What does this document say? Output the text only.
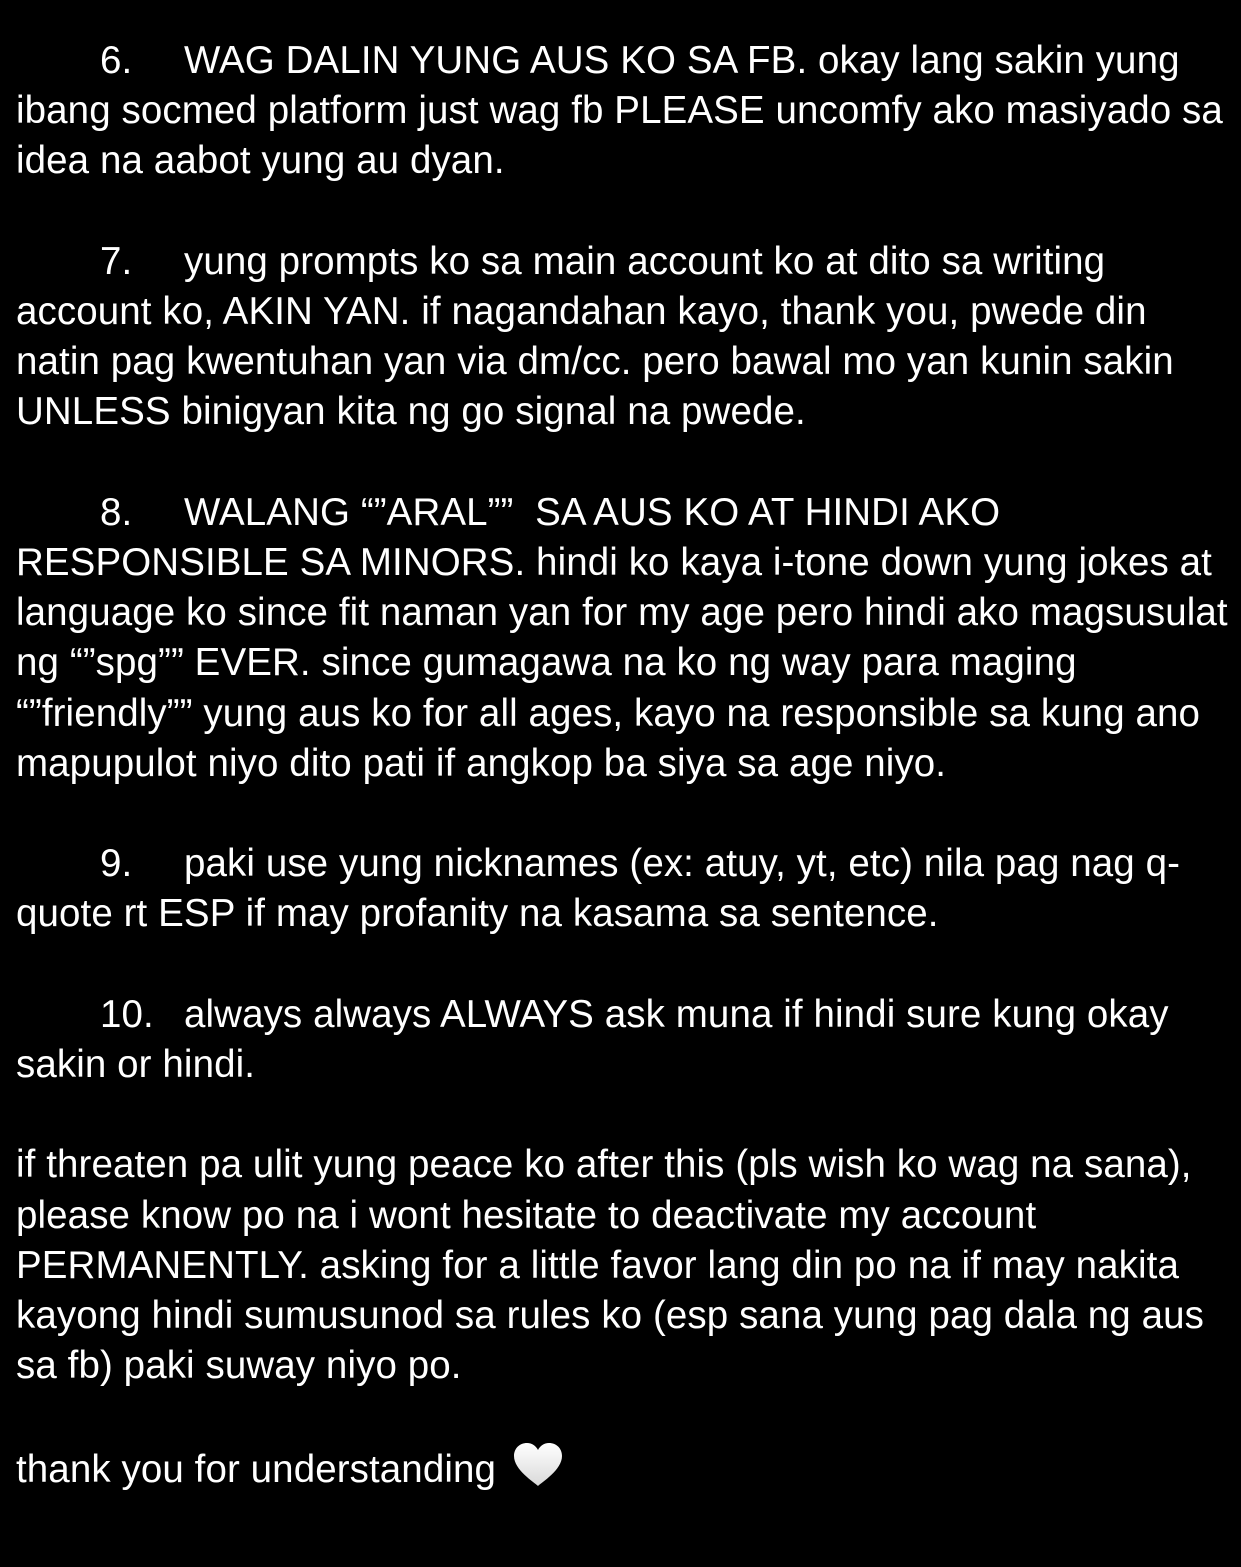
6. WAG DALIN YUNG AUS KO SA FB. okay lang sakin yung ibang socmed platform just wag fb PLEASE uncomfy ako masiyado sa idea na aabot yung au dyan.

7. yung prompts ko sa main account ko at dito sa writing account ko, AKIN YAN. if nagandahan kayo, thank you, pwede din natin pag kwentuhan yan via dm/cc. pero bawal mo yan kunin sakin UNLESS binigyan kita ng go signal na pwede.

8. WALANG “”ARAL””  SA AUS KO AT HINDI AKO RESPONSIBLE SA MINORS. hindi ko kaya i-tone down yung jokes at language ko since fit naman yan for my age pero hindi ako magsusulat ng “”spg”” EVER. since gumagawa na ko ng way para maging “”friendly”” yung aus ko for all ages, kayo na responsible sa kung ano mapupulot niyo dito pati if angkop ba siya sa age niyo.

9. paki use yung nicknames (ex: atuy, yt, etc) nila pag nag q-quote rt ESP if may profanity na kasama sa sentence.

10. always always ALWAYS ask muna if hindi sure kung okay sakin or hindi.

if threaten pa ulit yung peace ko after this (pls wish ko wag na sana), please know po na i wont hesitate to deactivate my account PERMANENTLY. asking for a little favor lang din po na if may nakita kayong hindi sumusunod sa rules ko (esp sana yung pag dala ng aus sa fb) paki suway niyo po.

thank you for understanding
